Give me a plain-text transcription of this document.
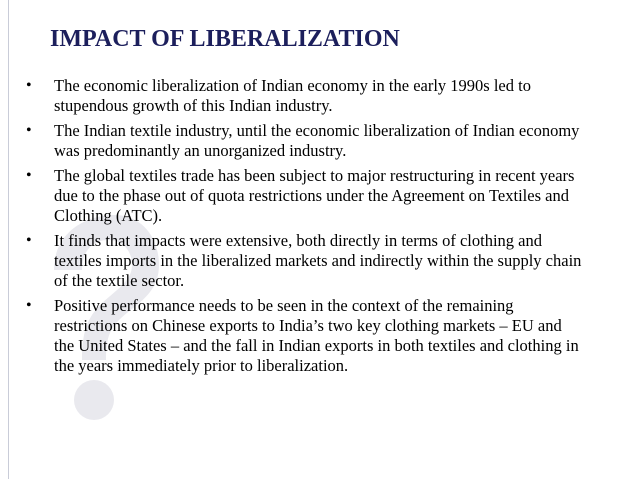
IMPACT OF LIBERALIZATION
• The economic liberalization of Indian economy in the early 1990s led to stupendous growth of this Indian industry.
• The Indian textile industry, until the economic liberalization of Indian economy was predominantly an unorganized industry.
• The global textiles trade has been subject to major restructuring in recent years due to the phase out of quota restrictions under the Agreement on Textiles and Clothing (ATC).
• It finds that impacts were extensive, both directly in terms of clothing and textiles imports in the liberalized markets and indirectly within the supply chain of the textile sector.
• Positive performance needs to be seen in the context of the remaining restrictions on Chinese exports to India’s two key clothing markets – EU and the United States – and the fall in Indian exports in both textiles and clothing in the years immediately prior to liberalization.
